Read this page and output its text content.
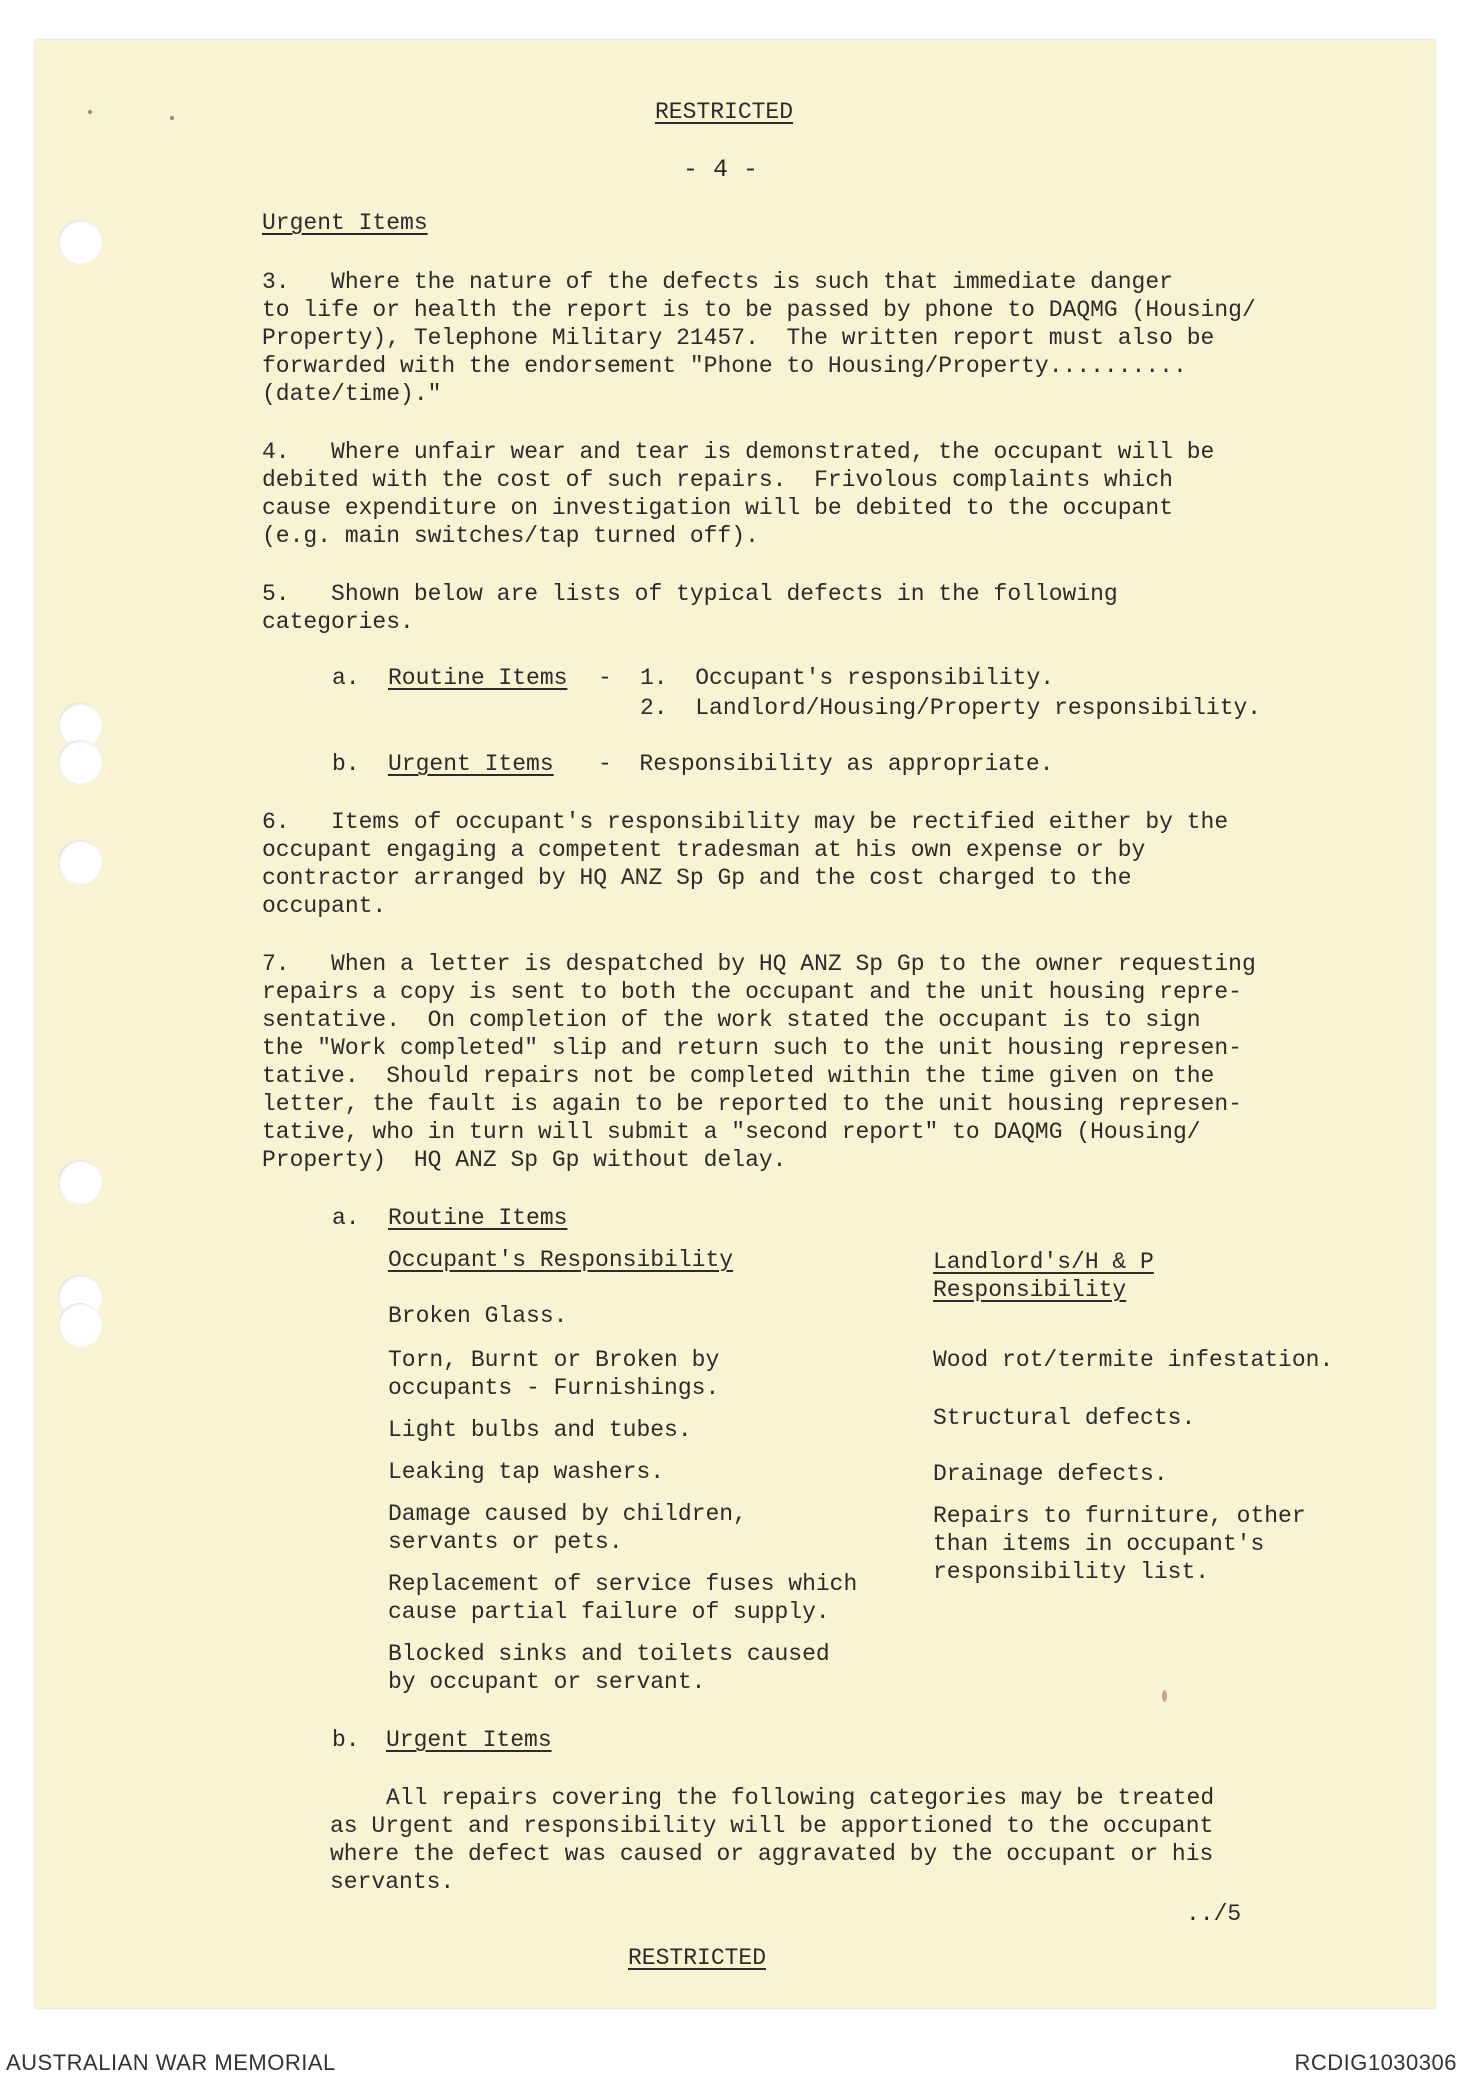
RESTRICTED
- 4 -
Urgent Items
3.   Where the nature of the defects is such that immediate danger
to life or health the report is to be passed by phone to DAQMG (Housing/
Property), Telephone Military 21457.  The written report must also be
forwarded with the endorsement "Phone to Housing/Property..........
(date/time)."
4.   Where unfair wear and tear is demonstrated, the occupant will be
debited with the cost of such repairs.  Frivolous complaints which
cause expenditure on investigation will be debited to the occupant
(e.g. main switches/tap turned off).
5.   Shown below are lists of typical defects in the following
categories.
a. Routine Items - 1.  Occupant's responsibility.
2.  Landlord/Housing/Property responsibility.
b. Urgent Items -  Responsibility as appropriate.
6.   Items of occupant's responsibility may be rectified either by the
occupant engaging a competent tradesman at his own expense or by
contractor arranged by HQ ANZ Sp Gp and the cost charged to the
occupant.
7.   When a letter is despatched by HQ ANZ Sp Gp to the owner requesting
repairs a copy is sent to both the occupant and the unit housing repre-
sentative.  On completion of the work stated the occupant is to sign
the "Work completed" slip and return such to the unit housing represen-
tative.  Should repairs not be completed within the time given on the
letter, the fault is again to be reported to the unit housing represen-
tative, who in turn will submit a "second report" to DAQMG (Housing/
Property)  HQ ANZ Sp Gp without delay.
a. Routine Items
Occupant's Responsibility	Landlord's/H & P
Responsibility
Broken Glass.
Torn, Burnt or Broken by
occupants - Furnishings.
Light bulbs and tubes.
Leaking tap washers.
Damage caused by children,
servants or pets.
Replacement of service fuses which
cause partial failure of supply.
Blocked sinks and toilets caused
by occupant or servant.
Wood rot/termite infestation.
Structural defects.
Drainage defects.
Repairs to furniture, other
than items in occupant's
responsibility list.
b. Urgent Items
All repairs covering the following categories may be treated
as Urgent and responsibility will be apportioned to the occupant
where the defect was caused or aggravated by the occupant or his
servants.
../5
RESTRICTED
AUSTRALIAN WAR MEMORIAL	RCDIG1030306
